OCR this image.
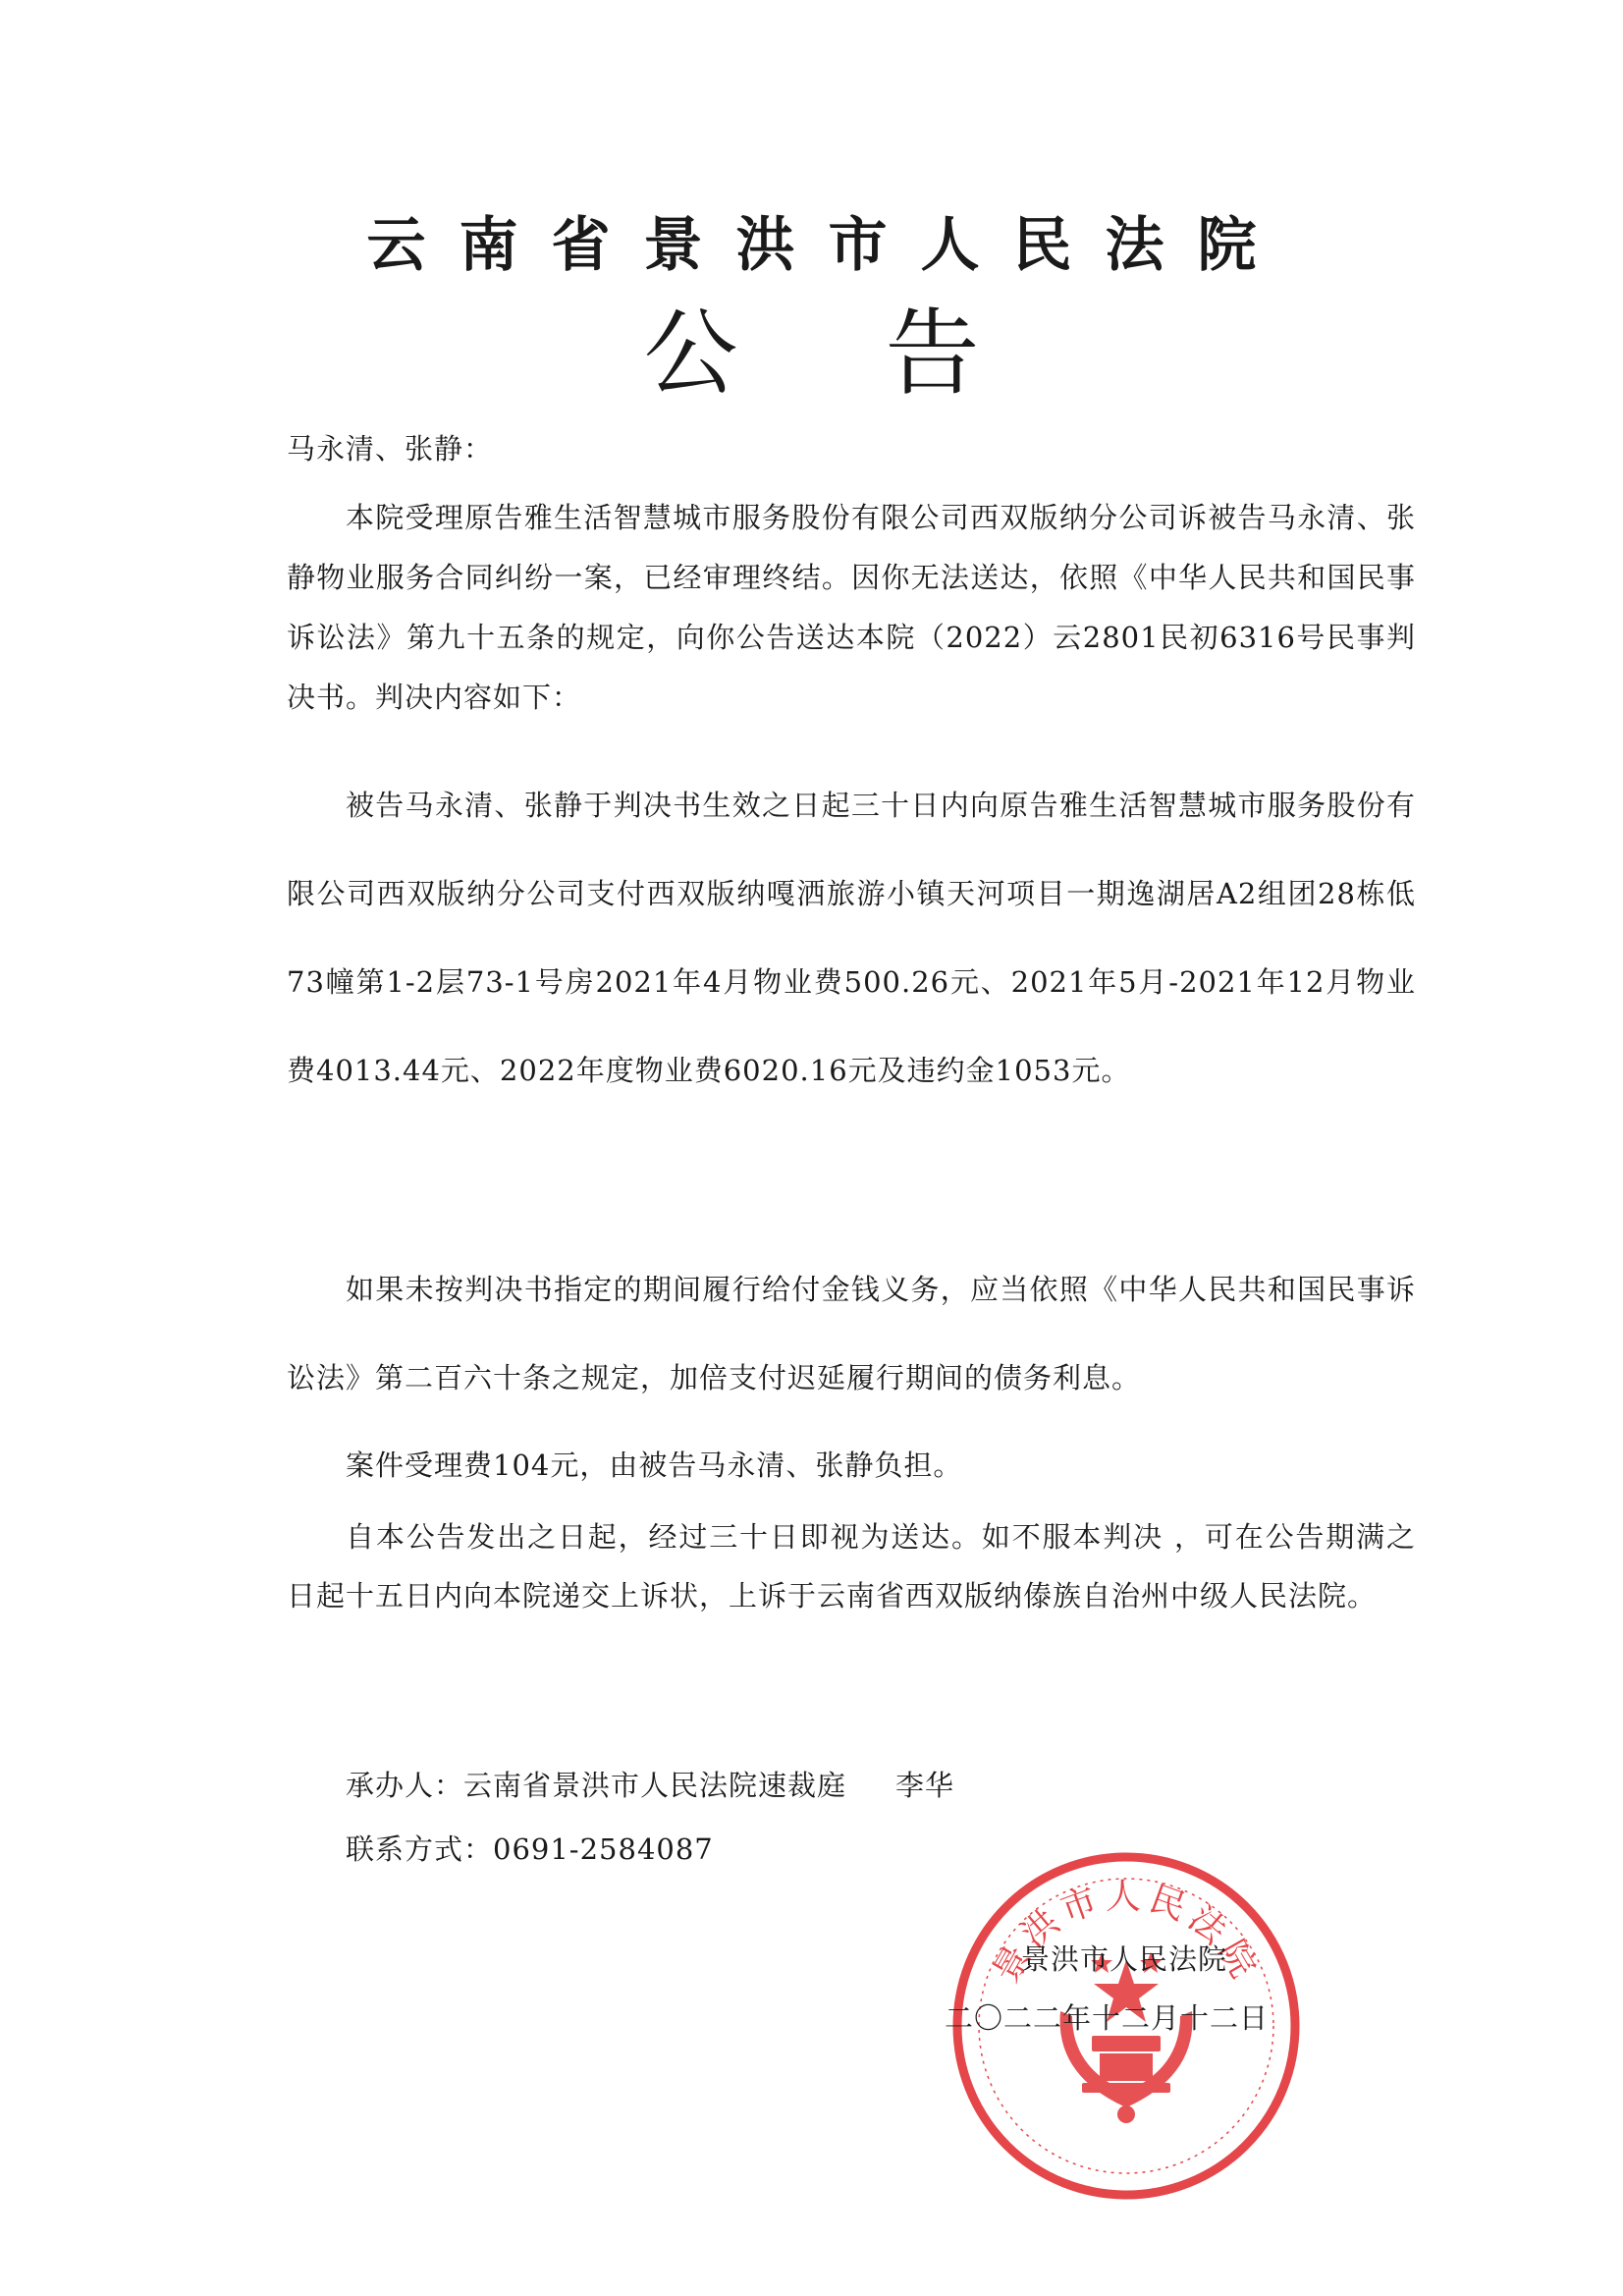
云南省景洪市人民法院
公告
马永清、张静：
本院受理原告雅生活智慧城市服务股份有限公司西双版纳分公司诉被告马永清、张静物业服务合同纠纷一案，已经审理终结。因你无法送达，依照《中华人民共和国民事诉讼法》第九十五条的规定，向你公告送达本院（2022）云2801民初6316号民事判决书。判决内容如下：
被告马永清、张静于判决书生效之日起三十日内向原告雅生活智慧城市服务股份有限公司西双版纳分公司支付西双版纳嘎洒旅游小镇天河项目一期逸湖居A2组团28栋低73幢第1-2层73-1号房2021年4月物业费500.26元、2021年5月-2021年12月物业费4013.44元、2022年度物业费6020.16元及违约金1053元。
如果未按判决书指定的期间履行给付金钱义务，应当依照《中华人民共和国民事诉讼法》第二百六十条之规定，加倍支付迟延履行期间的债务利息。
案件受理费104元，由被告马永清、张静负担。
自本公告发出之日起，经过三十日即视为送达。如不服本判决 ，可在公告期满之日起十五日内向本院递交上诉状，上诉于云南省西双版纳傣族自治州中级人民法院。
承办人：云南省景洪市人民法院速裁庭 李华
联系方式：0691-2584087
景洪市人民法院
景洪市人民法院
二〇二二年十二月十二日
